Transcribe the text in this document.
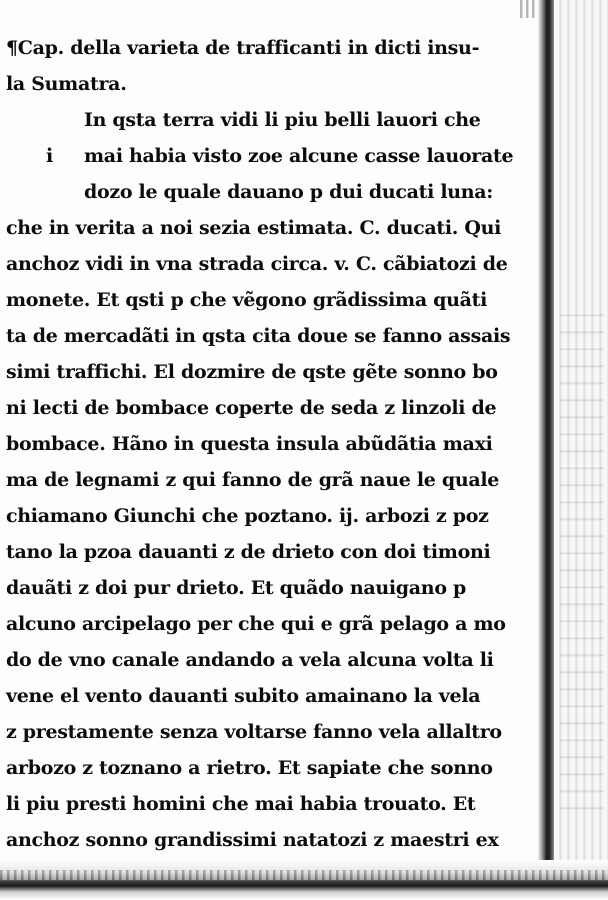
¶Cap. della varieta de trafficanti in dicti insu-
la Sumatra.
In qsta terra vidi li piu belli lauori che
i mai habia visto zoe alcune casse lauorate
dozo le quale dauano p dui ducati luna:
che in verita a noi sezia estimata. C. ducati. Qui
anchoz vidi in vna strada circa. v. C. cãbiatozi de
monete. Et qsti p che vẽgono grãdissima quãti
ta de mercadãti in qsta cita doue se fanno assais
simi traffichi. El dozmire de qste gẽte sonno bo
ni lecti de bombace coperte de seda z linzoli de
bombace. Hãno in questa insula abũdãtia maxi
ma de legnami z qui fanno de grã naue le quale
chiamano Giunchi che poztano. ij. arbozi z poz
tano la pzoa dauanti z de drieto con doi timoni
dauãti z doi pur drieto. Et quãdo nauigano p
alcuno arcipelago per che qui e grã pelago a mo
do de vno canale andando a vela alcuna volta li
vene el vento dauanti subito amainano la vela
z prestamente senza voltarse fanno vela allaltro
arbozo z toznano a rietro. Et sapiate che sonno
li piu presti homini che mai habia trouato. Et
anchoz sonno grandissimi natatozi z maestri ex
